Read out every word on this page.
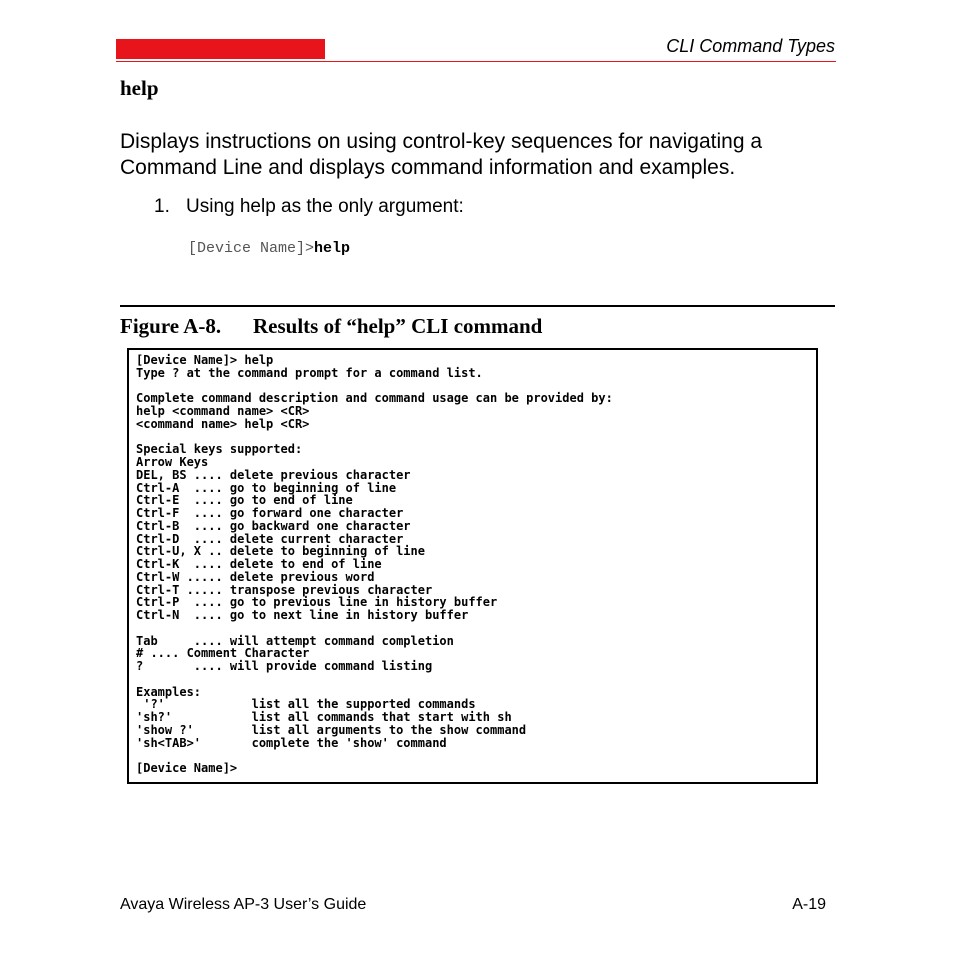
CLI Command Types
help
Displays instructions on using control-key sequences for navigating a Command Line and displays command information and examples.
1. Using help as the only argument:
[Device Name]>help
Figure A-8. Results of “help” CLI command
[Device Name]> help
Type ? at the command prompt for a command list.

Complete command description and command usage can be provided by:
help <command name> <CR>
<command name> help <CR>

Special keys supported:
Arrow Keys
DEL, BS .... delete previous character
Ctrl-A  .... go to beginning of line
Ctrl-E  .... go to end of line
Ctrl-F  .... go forward one character
Ctrl-B  .... go backward one character
Ctrl-D  .... delete current character
Ctrl-U, X .. delete to beginning of line
Ctrl-K  .... delete to end of line
Ctrl-W ..... delete previous word
Ctrl-T ..... transpose previous character
Ctrl-P  .... go to previous line in history buffer
Ctrl-N  .... go to next line in history buffer

Tab     .... will attempt command completion
# .... Comment Character
?       .... will provide command listing

Examples:
'?'            list all the supported commands
'sh?'           list all commands that start with sh
'show ?'        list all arguments to the show command
'sh<TAB>'       complete the 'show' command

[Device Name]>

Avaya Wireless AP-3 User’s Guide	A-19
